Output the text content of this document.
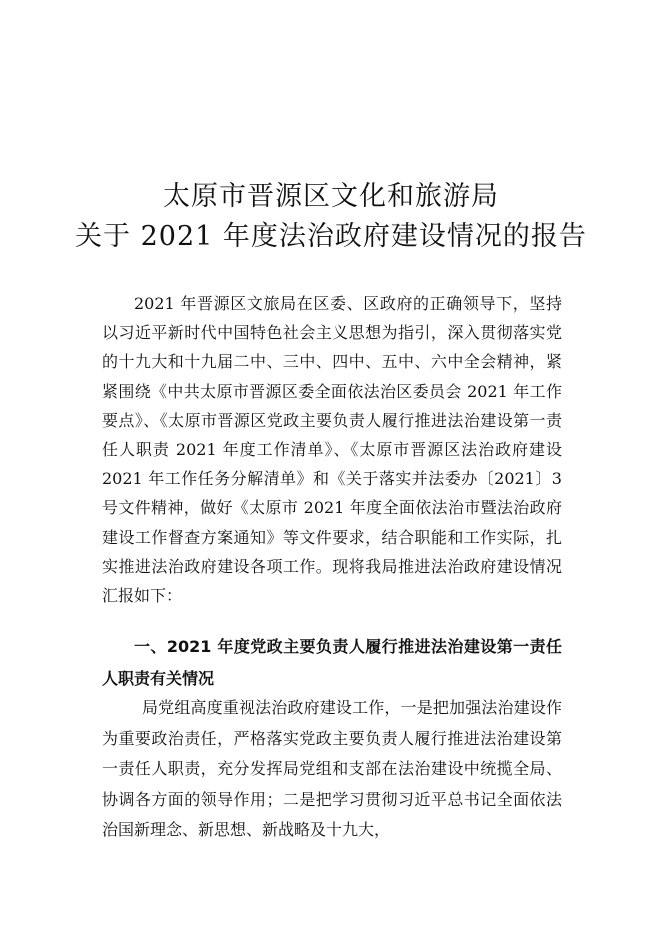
太原市晋源区文化和旅游局
关于 2021 年度法治政府建设情况的报告
2021 年晋源区文旅局在区委、区政府的正确领导下，坚持以习近平新时代中国特色社会主义思想为指引，深入贯彻落实党的十九大和十九届二中、三中、四中、五中、六中全会精神，紧紧围绕《中共太原市晋源区委全面依法治区委员会 2021 年工作要点》、《太原市晋源区党政主要负责人履行推进法治建设第一责任人职责 2021 年度工作清单》、《太原市晋源区法治政府建设 2021 年工作任务分解清单》和《关于落实并法委办〔2021〕3 号文件精神，做好《太原市 2021 年度全面依法治市暨法治政府建设工作督查方案通知》等文件要求，结合职能和工作实际，扎实推进法治政府建设各项工作。现将我局推进法治政府建设情况汇报如下：
一、2021 年度党政主要负责人履行推进法治建设第一责任人职责有关情况
局党组高度重视法治政府建设工作，一是把加强法治建设作为重要政治责任，严格落实党政主要负责人履行推进法治建设第一责任人职责，充分发挥局党组和支部在法治建设中统揽全局、协调各方面的领导作用；二是把学习贯彻习近平总书记全面依法治国新理念、新思想、新战略及十九大，
